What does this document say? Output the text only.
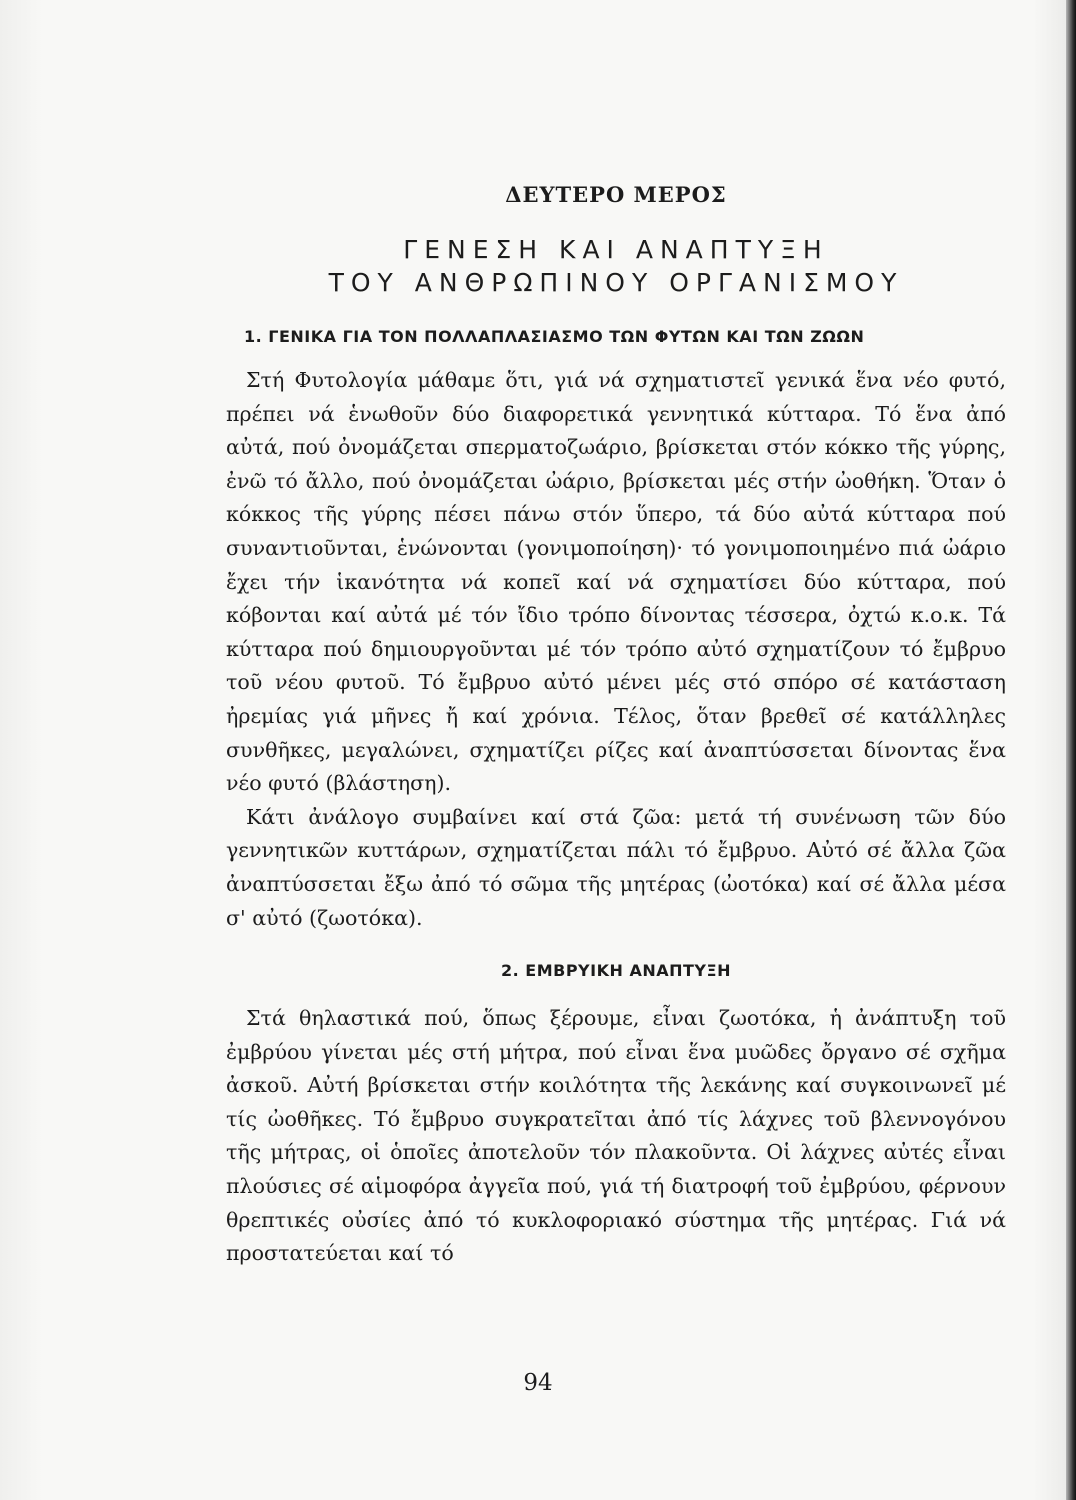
ΔΕΥΤΕΡΟ ΜΕΡΟΣ
ΓΕΝΕΣΗ ΚΑΙ ΑΝΑΠΤΥΞΗ
ΤΟΥ ΑΝΘΡΩΠΙΝΟΥ ΟΡΓΑΝΙΣΜΟΥ
1. ΓΕΝΙΚΑ ΓΙΑ ΤΟΝ ΠΟΛΛΑΠΛΑΣΙΑΣΜΟ ΤΩΝ ΦΥΤΩΝ ΚΑΙ ΤΩΝ ΖΩΩΝ

Στή Φυτολογία μάθαμε ὅτι, γιά νά σχηματιστεῖ γενικά ἕνα νέο φυτό, πρέπει νά ἑνωθοῦν δύο διαφορετικά γεννητικά κύτταρα. Τό ἕνα ἀπό αὐτά, πού ὀνομάζεται σπερματοζωάριο, βρίσκεται στόν κόκκο τῆς γύρης, ἐνῶ τό ἄλλο, πού ὀνομάζεται ὠάριο, βρίσκεται μές στήν ὠοθήκη. Ὅταν ὁ κόκκος τῆς γύρης πέσει πάνω στόν ὕπερο, τά δύο αὐτά κύτταρα πού συναντιοῦνται, ἑνώνονται (γονιμοποίηση)· τό γονιμοποιημένο πιά ὠάριο ἔχει τήν ἱκανότητα νά κοπεῖ καί νά σχηματίσει δύο κύτταρα, πού κόβονται καί αὐτά μέ τόν ἴδιο τρόπο δίνοντας τέσσερα, ὀχτώ κ.ο.κ. Τά κύτταρα πού δημιουργοῦνται μέ τόν τρόπο αὐτό σχηματίζουν τό ἔμβρυο τοῦ νέου φυτοῦ. Τό ἔμβρυο αὐτό μένει μές στό σπόρο σέ κατάσταση ἠρεμίας γιά μῆνες ἤ καί χρόνια. Τέλος, ὅταν βρεθεῖ σέ κατάλληλες συνθῆκες, μεγαλώνει, σχηματίζει ρίζες καί ἀναπτύσσεται δίνοντας ἕνα νέο φυτό (βλάστηση).

Κάτι ἀνάλογο συμβαίνει καί στά ζῶα: μετά τή συνένωση τῶν δύο γεννητικῶν κυττάρων, σχηματίζεται πάλι τό ἔμβρυο. Αὐτό σέ ἄλλα ζῶα ἀναπτύσσεται ἔξω ἀπό τό σῶμα τῆς μητέρας (ὠοτόκα) καί σέ ἄλλα μέσα σ' αὐτό (ζωοτόκα).

2. ΕΜΒΡΥΙΚΗ ΑΝΑΠΤΥΞΗ

Στά θηλαστικά πού, ὅπως ξέρουμε, εἶναι ζωοτόκα, ἡ ἀνάπτυξη τοῦ ἐμβρύου γίνεται μές στή μήτρα, πού εἶναι ἕνα μυῶδες ὄργανο σέ σχῆμα ἀσκοῦ. Αὐτή βρίσκεται στήν κοιλότητα τῆς λεκάνης καί συγκοινωνεῖ μέ τίς ὠοθῆκες. Τό ἔμβρυο συγκρατεῖται ἀπό τίς λάχνες τοῦ βλεννογόνου τῆς μήτρας, οἱ ὁποῖες ἀποτελοῦν τόν πλακοῦντα. Οἱ λάχνες αὐτές εἶναι πλούσιες σέ αἱμοφόρα ἀγγεῖα πού, γιά τή διατροφή τοῦ ἐμβρύου, φέρνουν θρεπτικές οὐσίες ἀπό τό κυκλοφοριακό σύστημα τῆς μητέρας. Γιά νά προστατεύεται καί τό

94
